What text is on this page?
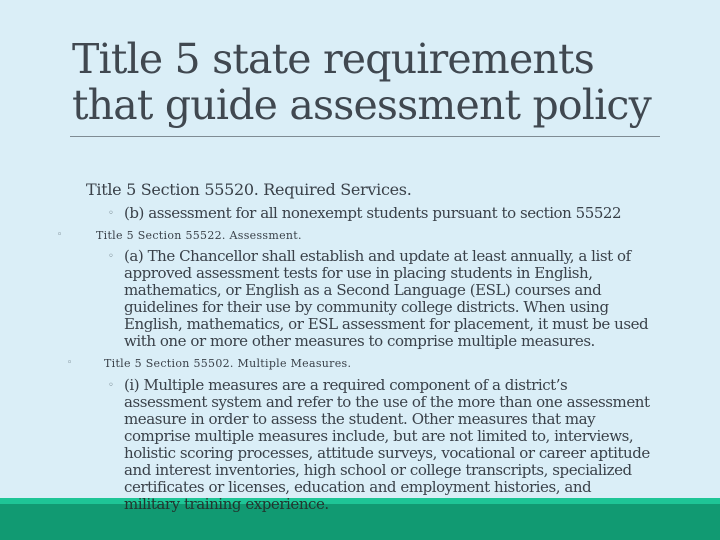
Title 5 state requirements
that guide assessment policy
Title 5 Section 55520. Required Services.
◦ (b) assessment for all nonexempt students pursuant to section 55522
◦	Title 5 Section 55522. Assessment.
◦ (a) The Chancellor shall establish and update at least annually, a list of
approved assessment tests for use in placing students in English,
mathematics, or English as a Second Language (ESL) courses and
guidelines for their use by community college districts. When using
English, mathematics, or ESL assessment for placement, it must be used
with one or more other measures to comprise multiple measures.
◦	Title 5 Section 55502. Multiple Measures.
◦ (i) Multiple measures are a required component of a district’s
assessment system and refer to the use of the more than one assessment
measure in order to assess the student. Other measures that may
comprise multiple measures include, but are not limited to, interviews,
holistic scoring processes, attitude surveys, vocational or career aptitude
and interest inventories, high school or college transcripts, specialized
certificates or licenses, education and employment histories, and
military training experience.
